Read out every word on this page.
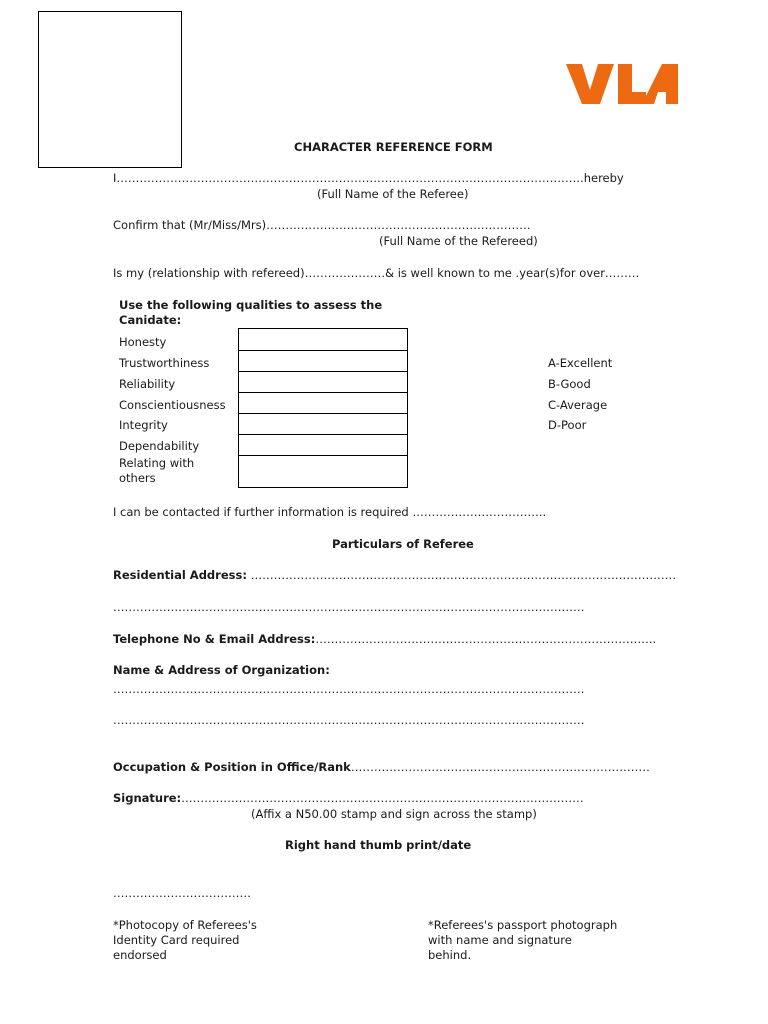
CHARACTER REFERENCE FORM
I…………………………………………………………………………………………………………..hereby
(Full Name of the Referee)
Confirm that (Mr/Miss/Mrs)……………………………………………………………
(Full Name of the Refereed)
Is my (relationship with refereed)…………………& is well known to me .year(s)for over………
Use the following qualities to assess the
Canidate:
Honesty
Trustworthiness
Reliability
Conscientiousness
Integrity
Dependability
Relating with
others
A-Excellent
B-Good
C-Average
D-Poor
I can be contacted if further information is required ……………………………..
Particulars of Referee
Residential Address: …………………………………………………………………………………………………
……………………………………………………………………………………………………………
Telephone No & Email Address:……………………………………………………………………………..
Name & Address of Organization:
……………………………………………………………………………………………………………
……………………………………………………………………………………………………………
Occupation & Position in Office/Rank……………………………………………………………………
Signature:……………………………………………………………………………………………
(Affix a N50.00 stamp and sign across the stamp)
Right hand thumb print/date
………………………………
*Photocopy of Referees's
Identity Card required
endorsed
*Referees's passport photograph
with name and signature
behind.
